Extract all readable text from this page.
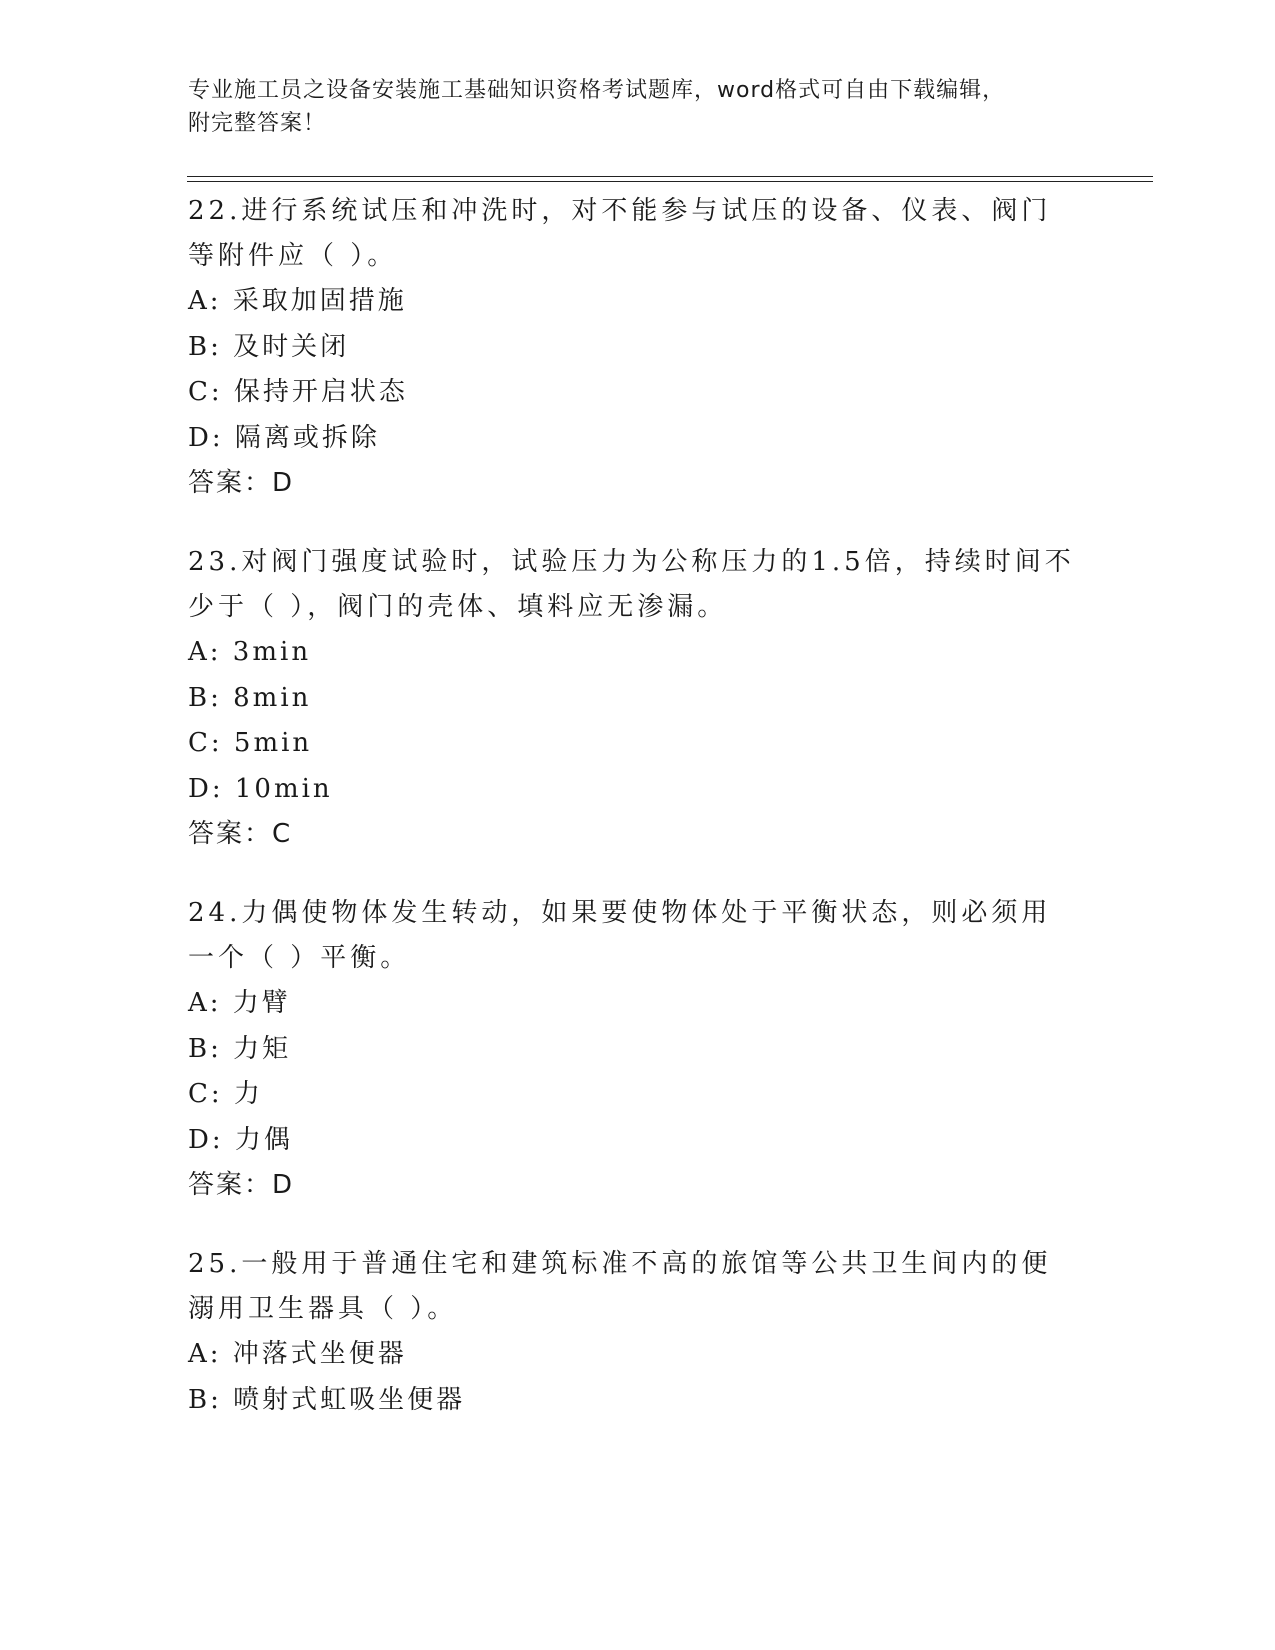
专业施工员之设备安装施工基础知识资格考试题库，word格式可自由下载编辑，
附完整答案！
22.进行系统试压和冲洗时，对不能参与试压的设备、仪表、阀门等附件应（ ）。
A: 采取加固措施
B: 及时关闭
C: 保持开启状态
D: 隔离或拆除
答案：D
23.对阀门强度试验时，试验压力为公称压力的1.5倍，持续时间不少于（ ），阀门的壳体、填料应无渗漏。
A: 3min
B: 8min
C: 5min
D: 10min
答案：C
24.力偶使物体发生转动，如果要使物体处于平衡状态，则必须用一个（ ）平衡。
A: 力臂
B: 力矩
C: 力
D: 力偶
答案：D
25.一般用于普通住宅和建筑标准不高的旅馆等公共卫生间内的便溺用卫生器具（ ）。
A: 冲落式坐便器
B: 喷射式虹吸坐便器
